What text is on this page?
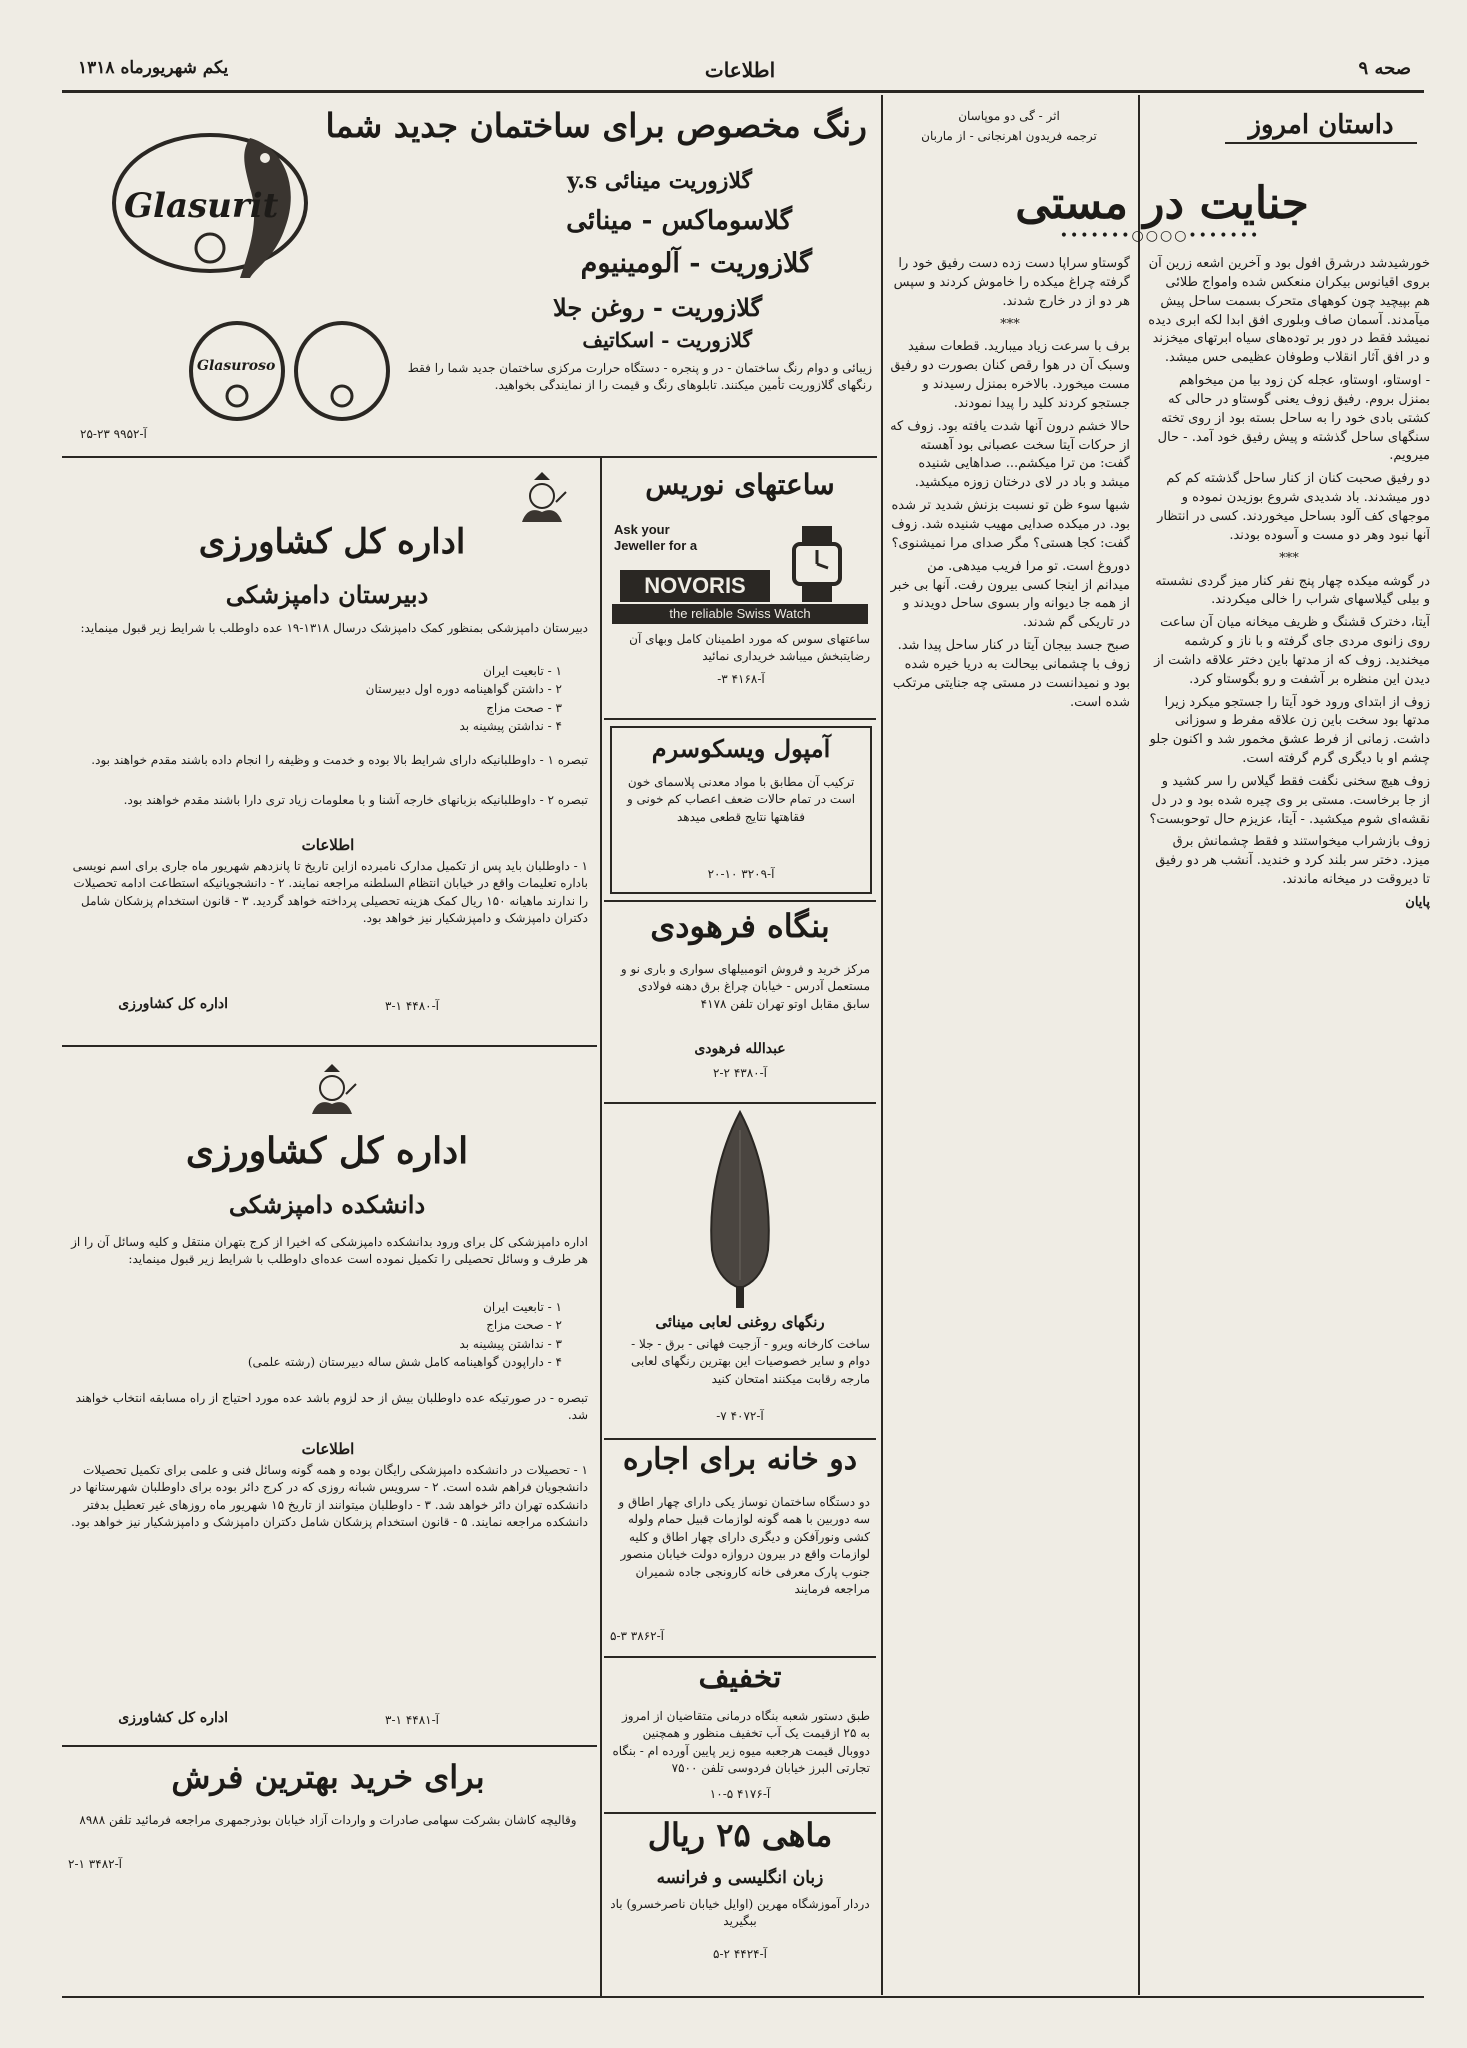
صحه ۹
اطلاعات
یکم شهریورماه ۱۳۱۸
داستان امروز
جنایت در مستی
•••••••○○○○•••••••
اثر - گی دو موپاسان
ترجمه فریدون اهرنجانی - از ماربان

خورشیدشد درشرق افول بود و آخرین اشعه زرین آن بروی اقیانوس بیکران منعکس شده وامواج طلائی هم بپیچید چون کوههای متحرک بسمت ساحل پیش میآمدند. آسمان صاف وبلوری افق ابدا لکه ابری دیده نمیشد فقط در دور بر توده‌های سیاه ابرتهای میخزند و در افق آثار انقلاب وطوفان عظیمی حس میشد.

- اوستاو، اوستاو، عجله کن زود بیا من میخواهم بمنزل بروم. رفیق زوف یعنی گوستاو در حالی که کشتی بادی خود را به ساحل بسته بود از روی تخته سنگهای ساحل گذشته و پیش رفیق خود آمد. - حال میرویم.

دو رفیق صحبت کنان از کنار ساحل گذشته کم کم دور میشدند. باد شدیدی شروع بوزیدن نموده و موجهای کف آلود بساحل میخوردند. کسی در انتظار آنها نبود وهر دو مست و آسوده بودند.

***

در گوشه میکده چهار پنج نفر کنار میز گردی نشسته و بیلی گیلاسهای شراب را خالی میکردند.

آیتا، دخترک قشنگ و ظریف میخانه میان آن ساعت روی زانوی مردی جای گرفته و با ناز و کرشمه میخندید. زوف که از مدتها باین دختر علاقه داشت از دیدن این منظره بر آشفت و رو بگوستاو کرد.

زوف از ابتدای ورود خود آیتا را جستجو میکرد زیرا مدتها بود سخت باین زن علاقه مفرط و سوزانی داشت. زمانی از فرط عشق مخمور شد و اکنون جلو چشم او با دیگری گرم گرفته است.

زوف هیچ سخنی نگفت فقط گیلاس را سر کشید و از جا برخاست. مستی بر وی چیره شده بود و در دل نقشه‌ای شوم میکشید. - آیتا، عزیزم حال توحوبست؟

زوف بازشراب میخواستند و فقط چشمانش برق میزد. دختر سر بلند کرد و خندید. آنشب هر دو رفیق تا دیروقت در میخانه ماندند.

پایان

گوستاو سراپا دست زده دست رفیق خود را گرفته چراغ میکده را خاموش کردند و سپس هر دو از در خارج شدند.

***

برف با سرعت زیاد میبارید. قطعات سفید وسبک آن در هوا رقص کنان بصورت دو رفیق مست میخورد. بالاخره بمنزل رسیدند و جستجو کردند کلید را پیدا نمودند.

حالا خشم درون آنها شدت یافته بود. زوف که از حرکات آیتا سخت عصبانی بود آهسته گفت: من ترا میکشم... صداهایی شنیده میشد و باد در لای درختان زوزه میکشید.

شبها سوء ظن تو نسبت بزنش شدید تر شده بود. در میکده صدایی مهیب شنیده شد. زوف گفت: کجا هستی؟ مگر صدای مرا نمیشنوی؟

دوروغ است. تو مرا فریب میدهی. من میدانم از اینجا کسی بیرون رفت. آنها بی خبر از همه جا دیوانه وار بسوی ساحل دویدند و در تاریکی گم شدند.

صبح جسد بیجان آیتا در کنار ساحل پیدا شد. زوف با چشمانی بیحالت به دریا خیره شده بود و نمیدانست در مستی چه جنایتی مرتکب شده است.

Glasurit
Glasuroso
رنگ مخصوص برای ساختمان جدید شما
گلازوریت مینائی y.s
گلاسوماکس - مینائی
گلازوریت - آلومینیوم
گلازوریت - روغن جلا
گلازوریت - اسکاتیف
زیبائی و دوام رنگ ساختمان - در و پنجره - دستگاه حرارت مرکزی ساختمان جدید شما را فقط رنگهای گلازوریت تأمین میکنند. تابلوهای رنگ و قیمت را از نمایندگی بخواهید.
آ-۹۹۵۲ ۲۳-۲۵
ساعتهای نوریس
Ask your Jeweller for a
NOVORIS
the reliable Swiss Watch
ساعتهای سوس که مورد اطمینان کامل وبهای آن رضایتبخش میباشد خریداری نمائید
آ-۴۱۶۸ ۳-
آمپول ویسکوسرم
ترکیب آن مطابق با مواد معدنی پلاسمای خون است در تمام حالات ضعف اعصاب کم خونی و فقاهتها نتایج قطعی میدهد
آ-۳۲۰۹ ۱۰-۲۰
بنگاه فرهودی
مرکز خرید و فروش اتومبیلهای سواری و باری نو و مستعمل آدرس - خیابان چراغ برق دهنه فولادی سابق مقابل اوتو تهران تلفن ۴۱۷۸
عبدالله فرهودی
آ-۴۳۸۰ ۲-۲
رنگهای روغنی لعابی مینائی
ساخت کارخانه ویرو - آزجیت فهانی - برق - جلا - دوام و سایر خصوصیات این بهترین رنگهای لعابی مارجه رقابت میکنند امتحان کنید
آ-۴۰۷۲ ۷-
دو خانه برای اجاره
دو دستگاه ساختمان نوساز یکی دارای چهار اطاق و سه دوربین با همه گونه لوازمات قبیل حمام ولوله کشی ونورآفکن و دیگری دارای چهار اطاق و کلیه لوازمات واقع در بیرون دروازه دولت خیابان منصور جنوب پارک معرفی خانه کارونجی جاده شمیران مراجعه فرمایند
آ-۳۸۶۲ ۳-۵
تخفیف
طبق دستور شعبه بنگاه درمانی متقاضیان از امروز به ۲۵ ازقیمت یک آب تخفیف منظور و همچنین دووبال قیمت هرجعبه میوه زیر پایین آورده ام - بنگاه تجارتی البرز خیابان فردوسی تلفن ۷۵۰۰
آ-۴۱۷۶ ۵-۱۰
ماهی ۲۵ ریال
زبان انگلیسی و فرانسه
دردار آموزشگاه مهرین (اوایل خیابان ناصرخسرو) باد ببگیرید
آ-۴۴۲۴ ۲-۵
اداره کل کشاورزی
دبیرستان دامپزشکی
دبیرستان دامپزشکی بمنظور کمک دامپزشک درسال ۱۳۱۸-۱۹ عده داوطلب با شرایط زیر قبول مینماید:
۱ - تابعیت ایران
۲ - داشتن گواهینامه دوره اول دبیرستان
۳ - صحت مزاج
۴ - نداشتن پیشینه بد
تبصره ۱ - داوطلبانیکه دارای شرایط بالا بوده و خدمت و وظیفه را انجام داده باشند مقدم خواهند بود.
تبصره ۲ - داوطلبانیکه بزبانهای خارجه آشنا و با معلومات زیاد تری دارا باشند مقدم خواهند بود.
اطلاعات
۱ - داوطلبان باید پس از تکمیل مدارک نامبرده ازاین تاریخ تا پانزدهم شهریور ماه جاری برای اسم نویسی باداره تعلیمات واقع در خیابان انتظام السلطنه مراجعه نمایند. ۲ - دانشجویانیکه استطاعت ادامه تحصیلات را ندارند ماهیانه ۱۵۰ ریال کمک هزینه تحصیلی پرداخته خواهد گردید. ۳ - قانون استخدام پزشکان شامل دکتران دامپزشک و دامپزشکیار نیز خواهد بود.
آ-۴۴۸۰ ۱-۳
اداره کل کشاورزی
اداره کل کشاورزی
دانشکده دامپزشکی
اداره دامپزشکی کل برای ورود بدانشکده دامپزشکی که اخیرا از کرج بتهران منتقل و کلیه وسائل آن را از هر طرف و وسائل تحصیلی را تکمیل نموده است عده‌ای داوطلب با شرایط زیر قبول مینماید:
۱ - تابعیت ایران
۲ - صحت مزاج
۳ - نداشتن پیشینه بد
۴ - داراپودن گواهینامه کامل شش ساله دبیرستان (رشته علمی)
تبصره - در صورتیکه عده داوطلبان بیش از حد لزوم باشد عده مورد احتیاج از راه مسابقه انتخاب خواهند شد.
اطلاعات
۱ - تحصیلات در دانشکده دامپزشکی رایگان بوده و همه گونه وسائل فنی و علمی برای تکمیل تحصیلات دانشجویان فراهم شده است. ۲ - سرویس شبانه روزی که در کرج دائر بوده برای داوطلبان شهرستانها در دانشکده تهران دائر خواهد شد. ۳ - داوطلبان میتوانند از تاریخ ۱۵ شهریور ماه روزهای غیر تعطیل بدفتر دانشکده مراجعه نمایند. ۵ - قانون استخدام پزشکان شامل دکتران دامپزشک و دامپزشکیار نیز خواهد بود.
آ-۴۴۸۱ ۱-۳
اداره کل کشاورزی
برای خرید بهترین فرش
وقالیچه کاشان بشرکت سهامی صادرات و واردات آزاد خیابان بوذرجمهری مراجعه فرمائید تلفن ۸۹۸۸
آ-۳۴۸۲ ۱-۲
